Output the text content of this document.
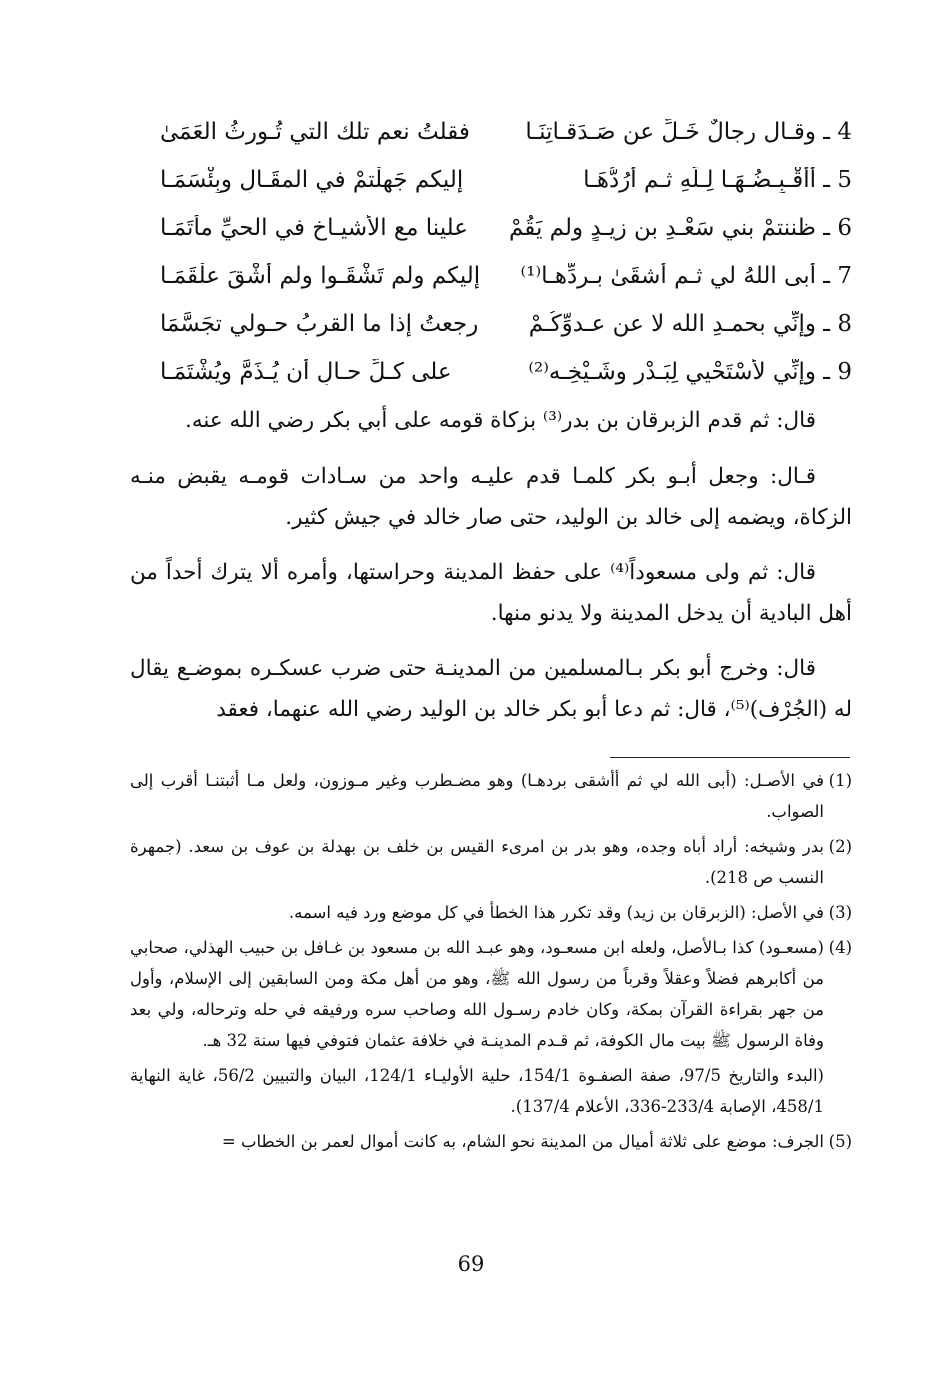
4 ـ وقـال رِجالٌ خَـلِّ عن صَـدَقـاتِنَـا
فقلتُ نعم تلك التي تُـورِثُ العَمَىٰ
5 ـ أأقْـبِـضُـهَـا لِـلّهِ ثـم أرُدُّهَـا
إليكم جَهِلْتمْ في المقَـالِ وبِئْسَمَـا
6 ـ ظننتمْ بني سَعْـدِ بن زيـدٍ ولم يَقُمْ
علينا مع الأشيـاخِ في الحيِّ مأتَمَـا
7 ـ أبى اللهُ لي ثـم أشقَىٰ بـردِّهـا⁽¹⁾
إليكم ولم تَشْقَـوا ولم أشْقَ علْقَمَـا
8 ـ وإنِّي بحمـدِ الله لا عن عـدوِّكُـمْ
رجعتُ إذا ما القربُ حـولي تجَسَّمَا
9 ـ وإنِّي لأسْتَحْيي لِبَـدْرٍ وشَـيْخِـه⁽²⁾
على كـلِّ حـالٍ أن يُـذَمَّ ويُشْتَمَـا

قال: ثم قدم الزبرقان بن بدر⁽³⁾ بزكاة قومه على أبي بكر رضي الله عنه.

قـال: وجعل أبـو بكر كلمـا قدم عليـه واحد من سـادات قومـه يقبض منـه الزكاة، ويضمه إلى خالد بن الوليد، حتى صار خالد في جيش كثير.

قال: ثم ولى مسعوداً⁽⁴⁾ على حفظ المدينة وحراستها، وأمره ألا يترك أحداً من أهل البادية أن يدخل المدينة ولا يدنو منها.

قال: وخرج أبو بكر بـالمسلمين من المدينـة حتى ضرب عسكـره بموضـع يقال له (الجُرْف)⁽⁵⁾، قال: ثم دعا أبو بكر خالد بن الوليد رضي الله عنهما، فعقد

(1)في الأصـل: (أبى الله لي ثم أأشقى بردهـا) وهو مضـطرب وغير مـوزون، ولعل مـا أثبتنـا أقرب إلى الصواب.

(2)بدر وشيخه: أراد أباه وجده، وهو بدر بن امرىء القيس بن خلف بن بهدلة بن عوف بن سعد. (جمهرة النسب ص 218).

(3)في الأصل: (الزبرقان بن زيد) وقد تكرر هذا الخطأ في كل موضع ورد فيه اسمه.

(4)(مسعـود) كذا بـالأصل، ولعله ابن مسعـود، وهو عبـد الله بن مسعود بن غـافل بن حبيب الهذلي، صحابي من أكابرهم فضلاً وعقلاً وقرباً من رسول الله ﷺ، وهو من أهل مكة ومن السابقين إلى الإسلام، وأول من جهر بقراءة القرآن بمكة، وكان خادم رسـول الله وصاحب سره ورفيقه في حله وترحاله، ولي بعد وفاة الرسول ﷺ بيت مال الكوفة، ثم قـدم المدينـة في خلافة عثمان فتوفي فيها سنة 32 هـ.

(البدء والتاريخ 97/5، صفة الصفـوة 154/1، حلية الأوليـاء 124/1، البيان والتبيين 56/2، غاية النهاية 458/1، الإصابة 233/4-336، الأعلام 137/4).

(5)الجرف: موضع على ثلاثة أميال من المدينة نحو الشام، به كانت أموال لعمر بن الخطاب =

69
